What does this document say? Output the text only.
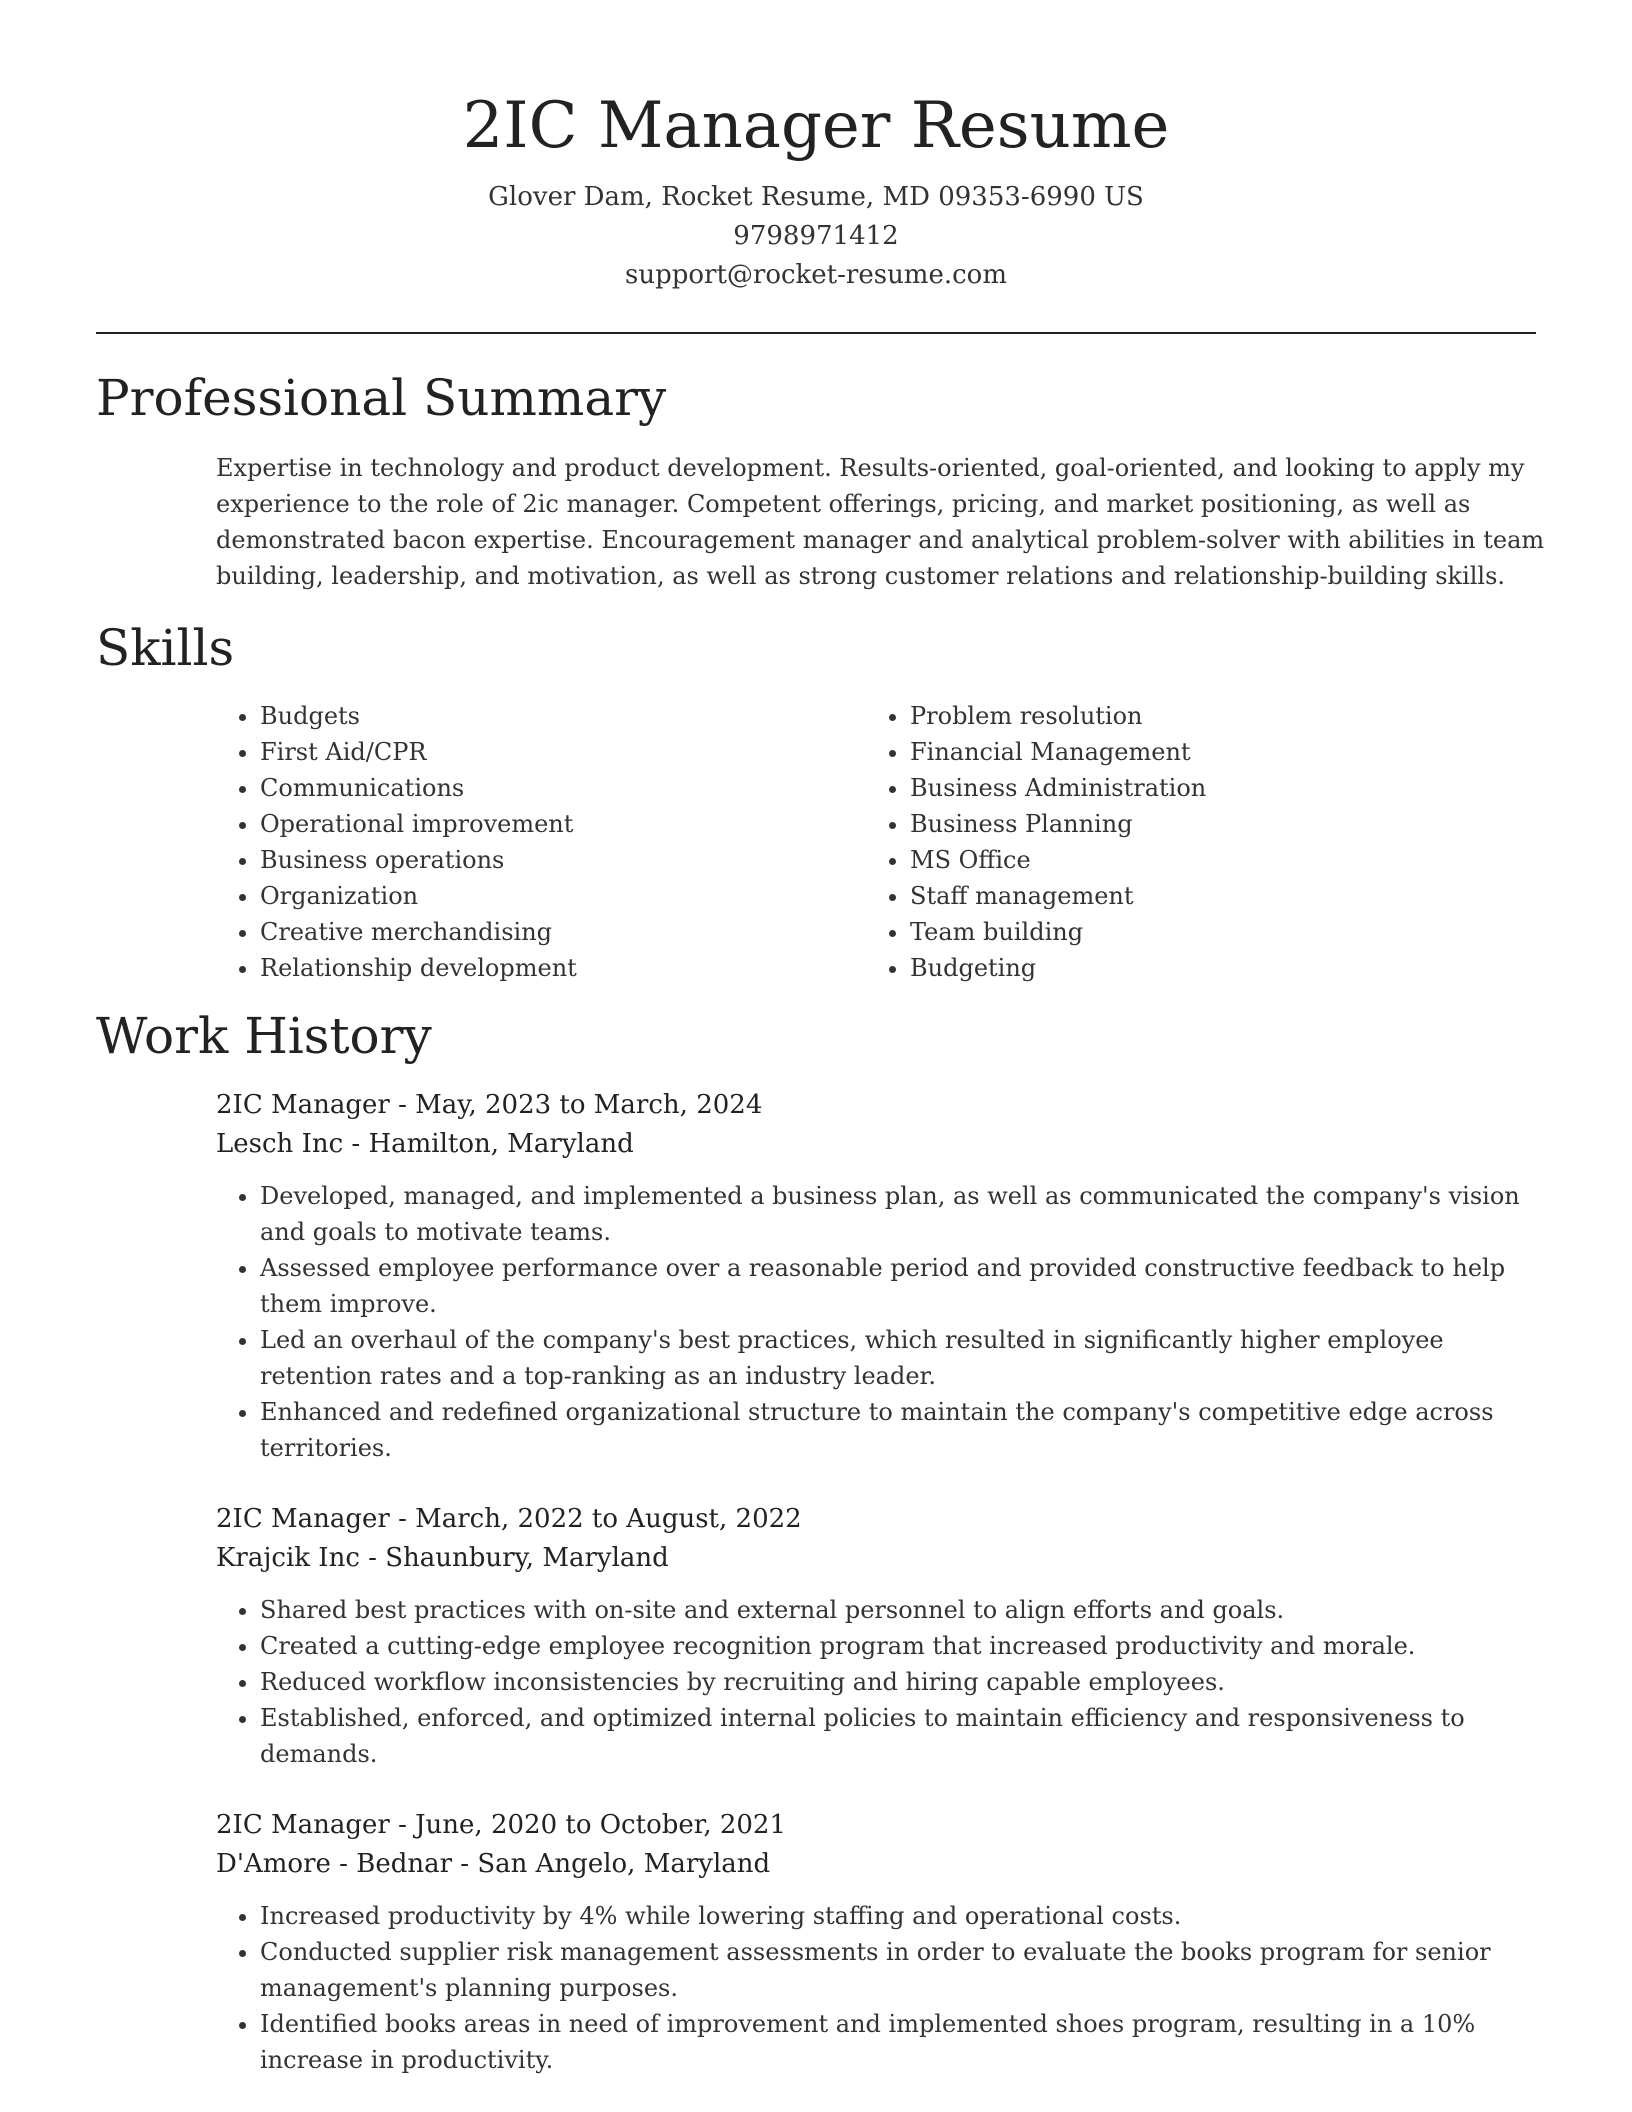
2IC Manager Resume
Glover Dam, Rocket Resume, MD 09353-6990 US
9798971412
support@rocket-resume.com
Professional Summary

Expertise in technology and product development. Results-oriented, goal-oriented, and looking to apply my experience to the role of 2ic manager. Competent offerings, pricing, and market positioning, as well as demonstrated bacon expertise. Encouragement manager and analytical problem-solver with abilities in team building, leadership, and motivation, as well as strong customer relations and relationship-building skills.

Skills
• Budgets
• First Aid/CPR
• Communications
• Operational improvement
• Business operations
• Organization
• Creative merchandising
• Relationship development
• Problem resolution
• Financial Management
• Business Administration
• Business Planning
• MS Office
• Staff management
• Team building
• Budgeting
Work History
2IC Manager - May, 2023 to March, 2024
Lesch Inc - Hamilton, Maryland
• Developed, managed, and implemented a business plan, as well as communicated the company's vision and goals to motivate teams.
• Assessed employee performance over a reasonable period and provided constructive feedback to help them improve.
• Led an overhaul of the company's best practices, which resulted in significantly higher employee retention rates and a top-ranking as an industry leader.
• Enhanced and redefined organizational structure to maintain the company's competitive edge across territories.
2IC Manager - March, 2022 to August, 2022
Krajcik Inc - Shaunbury, Maryland
• Shared best practices with on-site and external personnel to align efforts and goals.
• Created a cutting-edge employee recognition program that increased productivity and morale.
• Reduced workflow inconsistencies by recruiting and hiring capable employees.
• Established, enforced, and optimized internal policies to maintain efficiency and responsiveness to demands.
2IC Manager - June, 2020 to October, 2021
D'Amore - Bednar - San Angelo, Maryland
• Increased productivity by 4% while lowering staffing and operational costs.
• Conducted supplier risk management assessments in order to evaluate the books program for senior management's planning purposes.
• Identified books areas in need of improvement and implemented shoes program, resulting in a 10% increase in productivity.
